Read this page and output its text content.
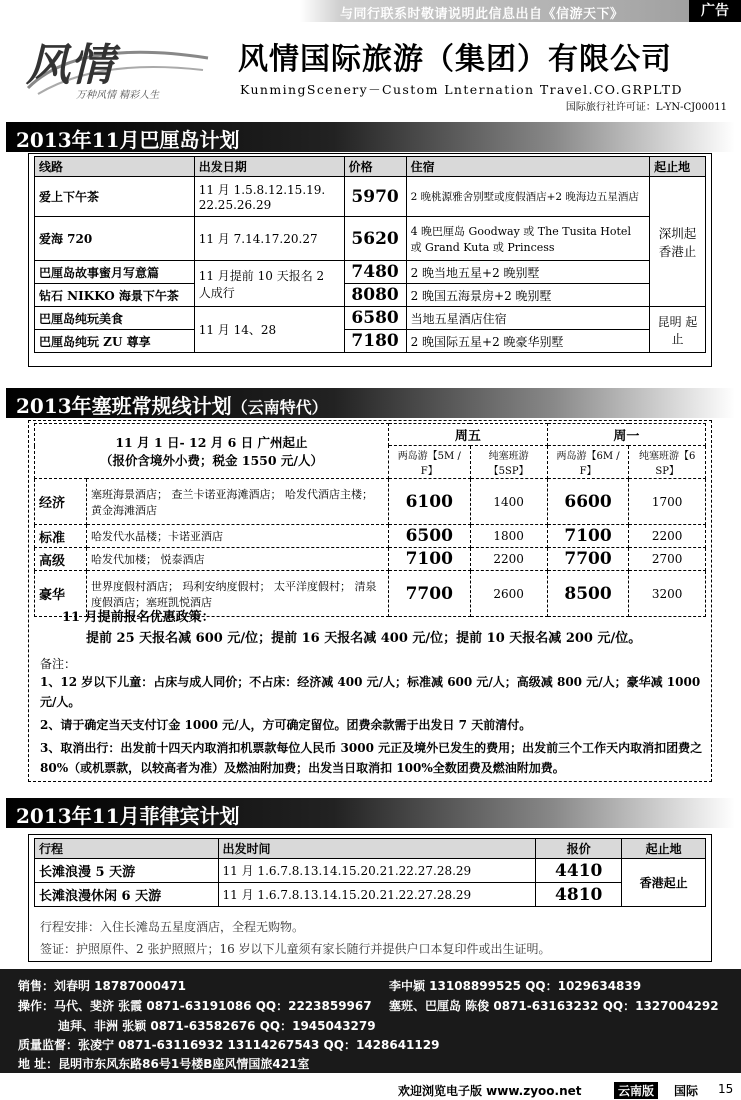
与同行联系时敬请说明此信息出自《信游天下》	广告
风情
万种风情 精彩人生
风情国际旅游（集团）有限公司
KunmingScenery－Custom Lnternation Travel.CO.GRPLTD
国际旅行社许可证：L-YN-CJ00011
2013年11月巴厘岛计划
线路	出发日期	价格	住宿	起止地
爱上下午茶	11 月 1.5.8.12.15.19. 22.25.26.29	5970	2 晚桃源雅舍别墅或度假酒店+2 晚海边五星酒店	深圳起 香港止
爱海 720	11 月 7.14.17.20.27	5620	4 晚巴厘岛 Goodway 或 The Tusita Hotel 或 Grand Kuta 或 Princess	
巴厘岛故事蜜月写意篇	11 月提前 10 天报名 2 人成行	7480	2 晚当地五星+2 晚别墅	
钻石 NIKKO 海景下午茶		8080	2 晚国五海景房+2 晚别墅	
巴厘岛纯玩美食	11 月 14、28	6580	当地五星酒店住宿	昆明 起止
巴厘岛纯玩 ZU 尊享		7180	2 晚国际五星+2 晚豪华别墅	
2013年塞班常规线计划（云南特代）
11 月 1 日- 12 月 6 日 广州起止
（报价含境外小费；税金 1550 元/人）		周五		周一	
		两岛游【5M / F】	纯塞班游【5SP】	两岛游【6M / F】	纯塞班游【6 SP】
经济	塞班海景酒店； 查兰卡诺亚海滩酒店； 哈发代酒店主楼； 黄金海滩酒店	6100	1400	6600	1700
标准	哈发代水晶楼；卡诺亚酒店	6500	1800	7100	2200
高级	哈发代加楼； 悦泰酒店	7100	2200	7700	2700
豪华	世界度假村酒店； 玛利安纳度假村； 太平洋度假村； 清泉度假酒店；塞班凯悦酒店	7700	2600	8500	3200
11 月提前报名优惠政策：
提前 25 天报名减 600 元/位；提前 16 天报名减 400 元/位；提前 10 天报名减 200 元/位。
备注：
1、12 岁以下儿童：占床与成人同价；不占床：经济减 400 元/人；标准减 600 元/人；高级减 800 元/人；豪华减 1000 元/人。
2、请于确定当天支付订金 1000 元/人，方可确定留位。团费余款需于出发日 7 天前清付。
3、取消出行：出发前十四天内取消扣机票款每位人民币 3000 元正及境外已发生的费用；出发前三个工作天内取消扣团费之 80%（或机票款，以较高者为准）及燃油附加费；出发当日取消扣 100%全数团费及燃油附加费。
2013年11月菲律宾计划
行程	出发时间	报价	起止地
长滩浪漫 5 天游	11 月 1.6.7.8.13.14.15.20.21.22.27.28.29	4410	香港起止
长滩浪漫休闲 6 天游	11 月 1.6.7.8.13.14.15.20.21.22.27.28.29	4810	
行程安排：入住长滩岛五星度酒店，全程无购物。
签证：护照原件、2 张护照照片；16 岁以下儿童须有家长随行并提供户口本复印件或出生证明。
销售：刘春明 18787000471	李中颖 13108899525 QQ：1029634839
操作：马代、斐济 张霞 0871-63191086 QQ：2223859967 塞班、巴厘岛 陈俊 0871-63163232 QQ：1327004292
迪拜、非洲 张颖 0871-63582676 QQ：1945043279
质量监督：张凌宁 0871-63116932 13114267543 QQ：1428641129
地 址：昆明市东风东路86号1号楼B座风情国旅421室
欢迎浏览电子版 www.zyoo.net	云南版	国际 15
